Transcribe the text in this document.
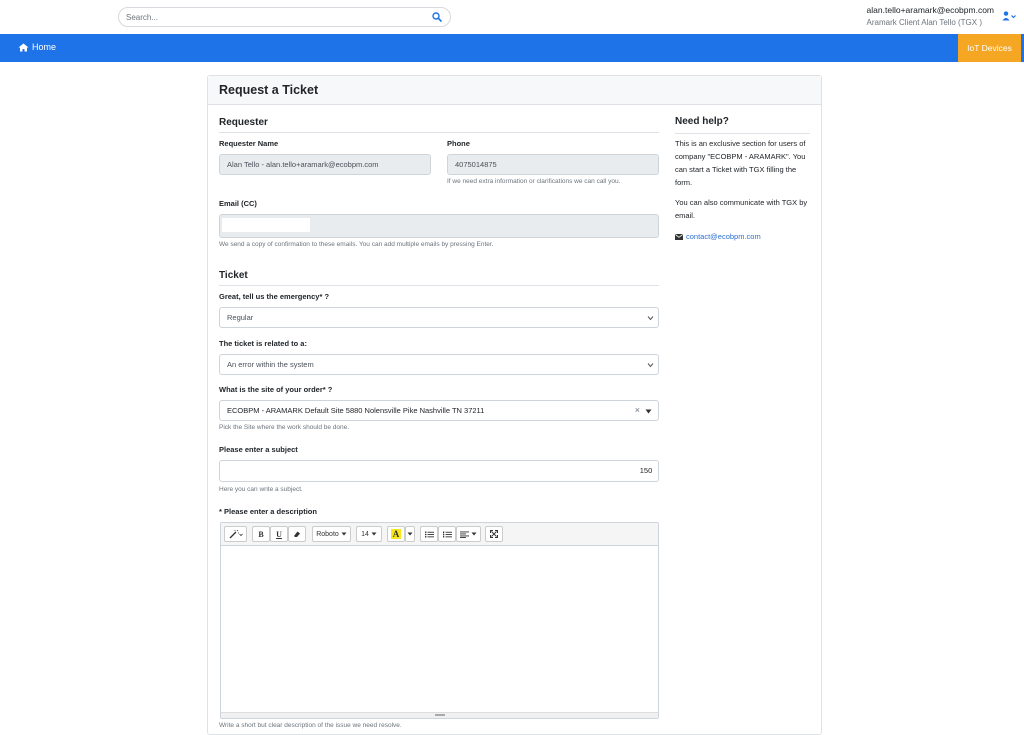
Search...
alan.tello+aramark@ecobpm.com
Aramark Client Alan Tello (TGX )
Home	IoT Devices
Request a Ticket
Requester
Requester Name
Alan Tello - alan.tello+aramark@ecobpm.com
Phone
4075014875
If we need extra information or clarifications we can call you.
Email (CC)
We send a copy of confirmation to these emails. You can add multiple emails by pressing Enter.
Ticket
Great, tell us the emergency* ?
Regular
The ticket is related to a:
An error within the system
What is the site of your order* ?
ECOBPM - ARAMARK Default Site 5880 Nolensville Pike Nashville TN 37211	×
Pick the Site where the work should be done.
Please enter a subject
150
Here you can write a subject.
* Please enter a description
B	U	Roboto	14	A
Write a short but clear description of the issue we need resolve.
Need help?
This is an exclusive section for users of company "ECOBPM - ARAMARK". You can start a Ticket with TGX filling the form.
You can also communicate with TGX by email.
contact@ecobpm.com
